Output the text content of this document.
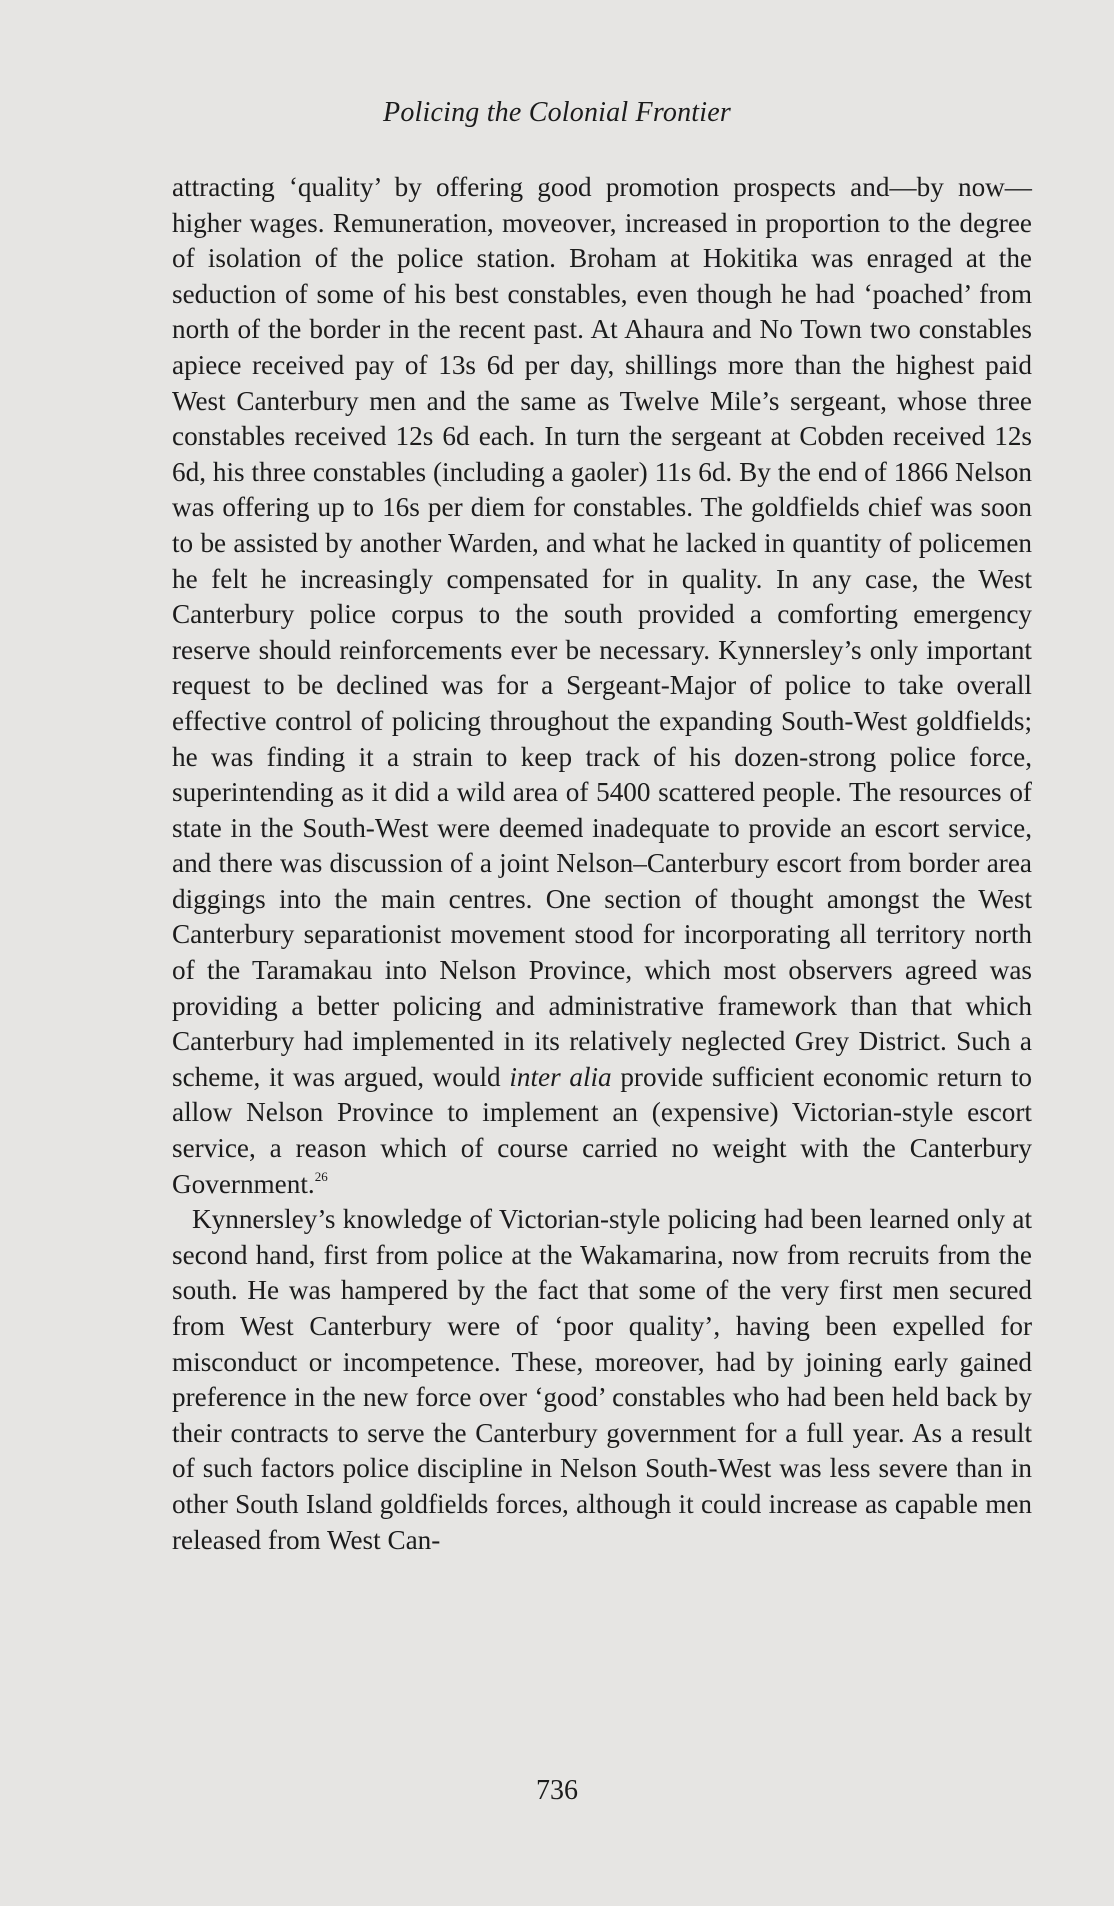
Policing the Colonial Frontier

attracting ‘quality’ by offering good promotion prospects and—by now—higher wages. Remuneration, moveover, increased in proportion to the degree of isolation of the police station. Broham at Hokitika was enraged at the seduction of some of his best constables, even though he had ‘poached’ from north of the border in the recent past. At Ahaura and No Town two constables apiece received pay of 13s 6d per day, shillings more than the highest paid West Canterbury men and the same as Twelve Mile’s sergeant, whose three constables received 12s 6d each. In turn the sergeant at Cobden received 12s 6d, his three constables (including a gaoler) 11s 6d. By the end of 1866 Nelson was offering up to 16s per diem for constables. The goldfields chief was soon to be assisted by another Warden, and what he lacked in quantity of policemen he felt he increasingly compensated for in quality. In any case, the West Canterbury police corpus to the south provided a comforting emergency reserve should reinforcements ever be necessary. Kynnersley’s only important request to be declined was for a Sergeant-Major of police to take overall effective control of policing throughout the expanding South-West goldfields; he was finding it a strain to keep track of his dozen-strong police force, superintending as it did a wild area of 5400 scattered people. The resources of state in the South-West were deemed inadequate to provide an escort service, and there was discussion of a joint Nelson–Canterbury escort from border area diggings into the main centres. One section of thought amongst the West Canterbury separationist movement stood for incorporating all territory north of the Taramakau into Nelson Province, which most observers agreed was providing a better policing and administrative framework than that which Canterbury had implemented in its relatively neglected Grey District. Such a scheme, it was argued, would inter alia provide sufficient economic return to allow Nelson Province to implement an (expensive) Victorian-style escort service, a reason which of course carried no weight with the Canterbury Government.$^{26}$

Kynnersley’s knowledge of Victorian-style policing had been learned only at second hand, first from police at the Wakamarina, now from recruits from the south. He was hampered by the fact that some of the very first men secured from West Canterbury were of ‘poor quality’, having been expelled for misconduct or incompetence. These, moreover, had by joining early gained preference in the new force over ‘good’ constables who had been held back by their contracts to serve the Canterbury government for a full year. As a result of such factors police discipline in Nelson South-West was less severe than in other South Island goldfields forces, although it could increase as capable men released from West Can-

736
